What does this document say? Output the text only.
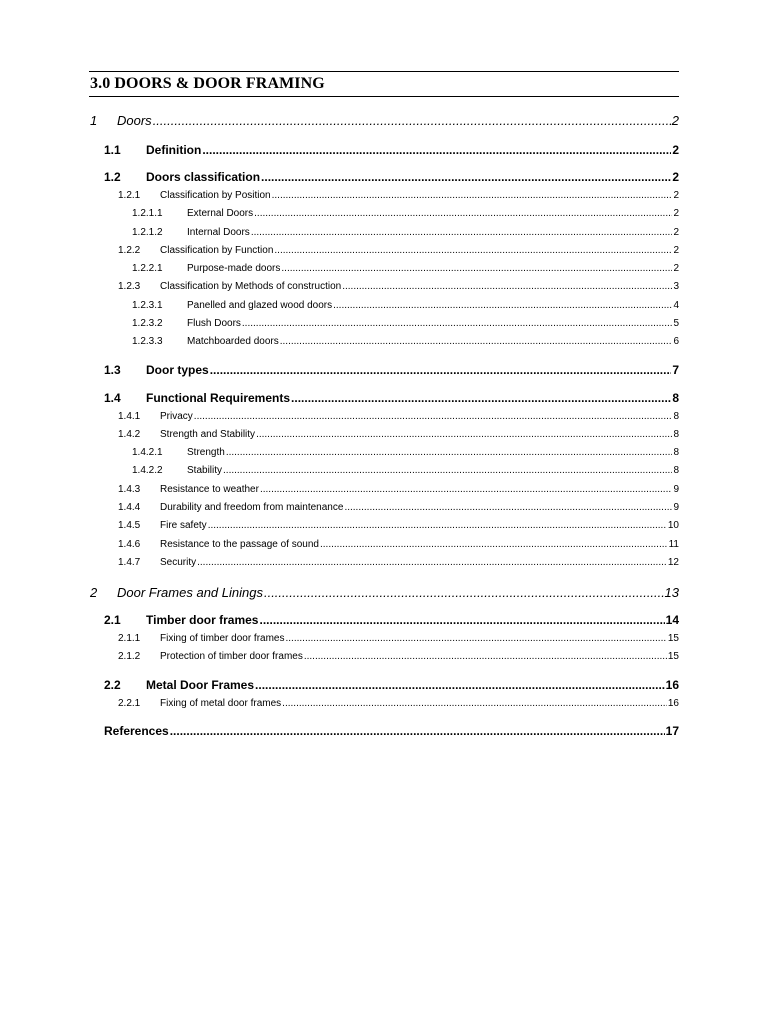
3.0 DOORS & DOOR FRAMING
1	Doors .....	2
1.1	Definition .....	2
1.2	Doors classification .....	2
1.2.1	Classification by Position .....	2
1.2.1.1	External Doors .....	2
1.2.1.2	Internal Doors .....	2
1.2.2	Classification by Function .....	2
1.2.2.1	Purpose-made doors .....	2
1.2.3	Classification by Methods of construction .....	3
1.2.3.1	Panelled and glazed wood doors .....	4
1.2.3.2	Flush Doors .....	5
1.2.3.3	Matchboarded doors .....	6
1.3	Door types .....	7
1.4	Functional Requirements .....	8
1.4.1	Privacy .....	8
1.4.2	Strength and Stability .....	8
1.4.2.1	Strength .....	8
1.4.2.2	Stability .....	8
1.4.3	Resistance to weather .....	9
1.4.4	Durability and freedom from maintenance .....	9
1.4.5	Fire safety .....	10
1.4.6	Resistance to the passage of sound .....	11
1.4.7	Security .....	12
2	Door Frames and Linings .....	13
2.1	Timber door frames .....	14
2.1.1	Fixing of timber door frames .....	15
2.1.2	Protection of timber door frames .....	15
2.2	Metal Door Frames .....	16
2.2.1	Fixing of metal door frames .....	16
References .....	17
